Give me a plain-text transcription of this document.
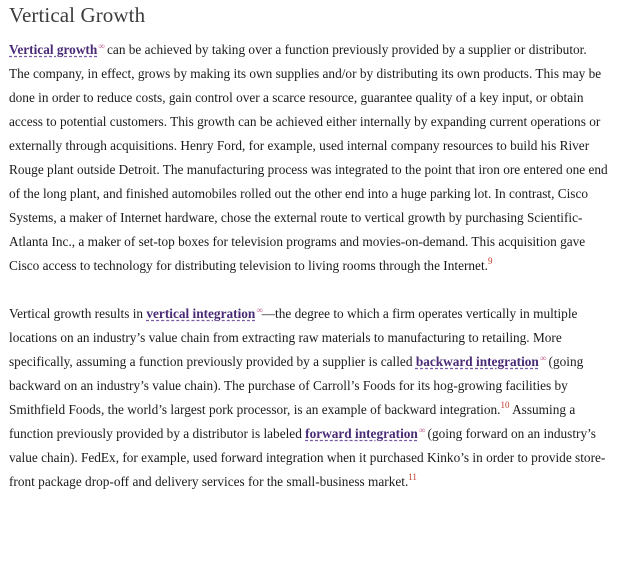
Vertical Growth

Vertical growth∞ can be achieved by taking over a function previously provided by a supplier or distributor. The company, in effect, grows by making its own supplies and/or by distributing its own products. This may be done in order to reduce costs, gain control over a scarce resource, guarantee quality of a key input, or obtain access to potential customers. This growth can be achieved either internally by expanding current operations or externally through acquisitions. Henry Ford, for example, used internal company resources to build his River Rouge plant outside Detroit. The manufacturing process was integrated to the point that iron ore entered one end of the long plant, and finished automobiles rolled out the other end into a huge parking lot. In contrast, Cisco Systems, a maker of Internet hardware, chose the external route to vertical growth by purchasing Scientific-Atlanta Inc., a maker of set-top boxes for television programs and movies-on-demand. This acquisition gave Cisco access to technology for distributing television to living rooms through the Internet.$^9$

Vertical growth results in vertical integration∞—the degree to which a firm operates vertically in multiple locations on an industry’s value chain from extracting raw materials to manufacturing to retailing. More specifically, assuming a function previously provided by a supplier is called backward integration∞ (going backward on an industry’s value chain). The purchase of Carroll’s Foods for its hog-growing facilities by Smithfield Foods, the world’s largest pork processor, is an example of backward integration.$^{10}$ Assuming a function previously provided by a distributor is labeled forward integration∞ (going forward on an industry’s value chain). FedEx, for example, used forward integration when it purchased Kinko’s in order to provide store-front package drop-off and delivery services for the small-business market.$^{11}$
